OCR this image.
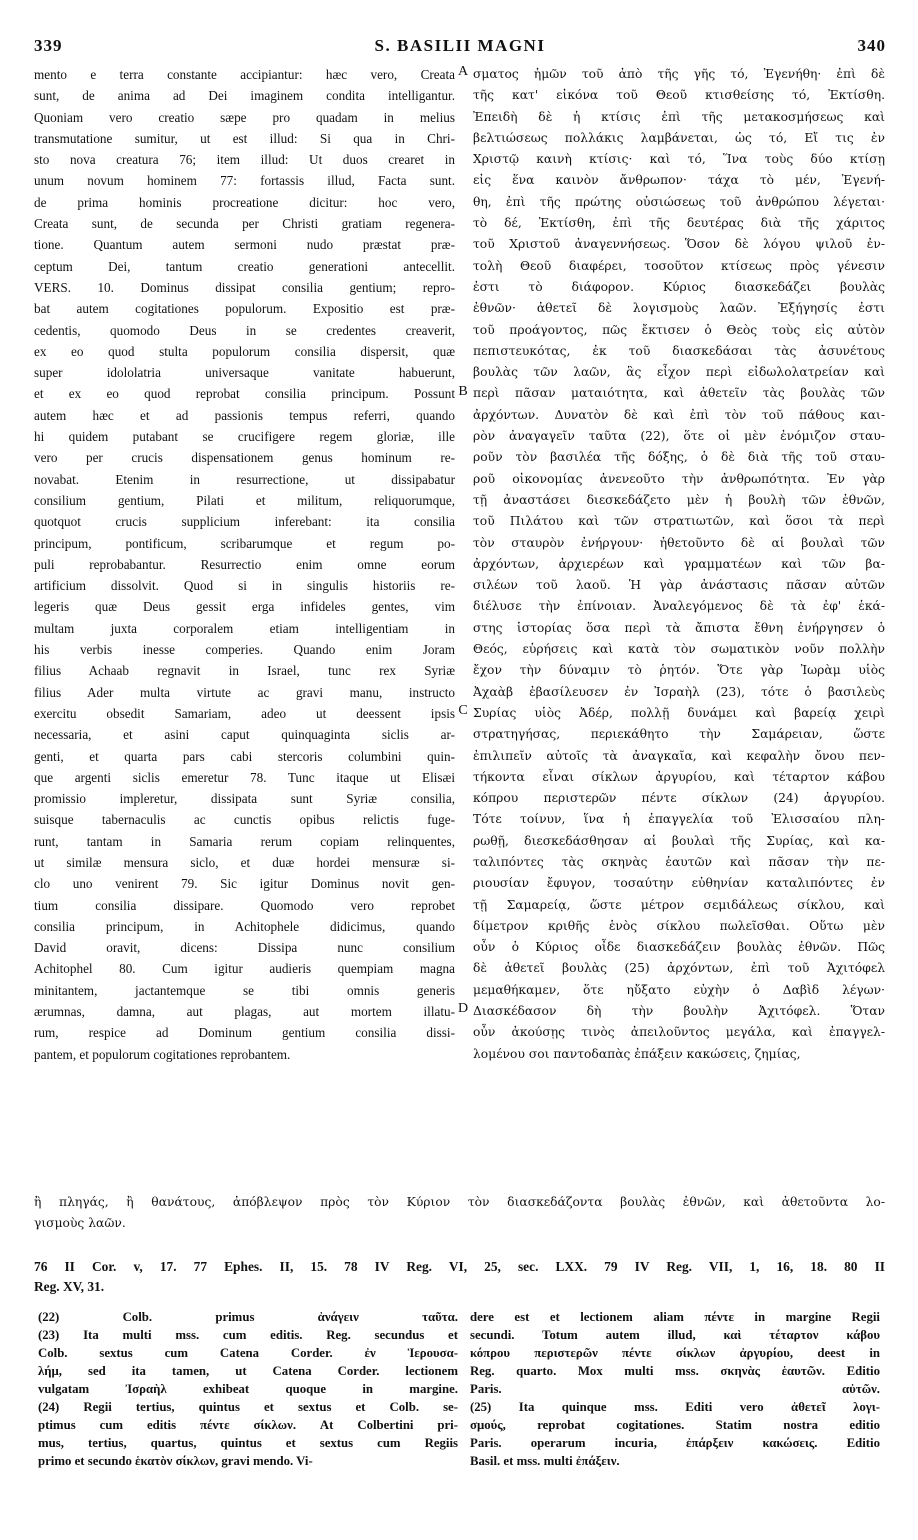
339	S. BASILII MAGNI	340
mento e terra constante accipiantur: hæc vero, Creata
sunt, de anima ad Dei imaginem condita intelligantur.
Quoniam vero creatio sæpe pro quadam in melius
transmutatione sumitur, ut est illud: Si qua in Chri-
sto nova creatura 76; item illud: Ut duos crearet in
unum novum hominem 77: fortassis illud, Facta sunt.
de prima hominis procreatione dicitur: hoc vero,
Creata sunt, de secunda per Christi gratiam regenera-
tione. Quantum autem sermoni nudo præstat præ-
ceptum Dei, tantum creatio generationi antecellit.
VERS. 10. Dominus dissipat consilia gentium; repro-
bat autem cogitationes populorum. Expositio est præ-
cedentis, quomodo Deus in se credentes creaverit,
ex eo quod stulta populorum consilia dispersit, quæ
super idololatria universaque vanitate habuerunt,
et ex eo quod reprobat consilia principum. Possunt
autem hæc et ad passionis tempus referri, quando
hi quidem putabant se crucifigere regem gloriæ, ille
vero per crucis dispensationem genus hominum re-
novabat. Etenim in resurrectione, ut dissipabatur
consilium gentium, Pilati et militum, reliquorumque,
quotquot crucis supplicium inferebant: ita consilia
principum, pontificum, scribarumque et regum po-
puli reprobabantur. Resurrectio enim omne eorum
artificium dissolvit. Quod si in singulis historiis re-
legeris quæ Deus gessit erga infideles gentes, vim
multam juxta corporalem etiam intelligentiam in
his verbis inesse comperies. Quando enim Joram
filius Achaab regnavit in Israel, tunc rex Syriæ
filius Ader multa virtute ac gravi manu, instructo
exercitu obsedit Samariam, adeo ut deessent ipsis
necessaria, et asini caput quinquaginta siclis ar-
genti, et quarta pars cabi stercoris columbini quin-
que argenti siclis emeretur 78. Tunc itaque ut Elisæi
promissio impleretur, dissipata sunt Syriæ consilia,
suisque tabernaculis ac cunctis opibus relictis fuge-
runt, tantam in Samaria rerum copiam relinquentes,
ut similæ mensura siclo, et duæ hordei mensuræ si-
clo uno venirent 79. Sic igitur Dominus novit gen-
tium consilia dissipare. Quomodo vero reprobet
consilia principum, in Achitophele didicimus, quando
David oravit, dicens: Dissipa nunc consilium
Achitophel 80. Cum igitur audieris quempiam magna
minitantem, jactantemque se tibi omnis generis
ærumnas, damna, aut plagas, aut mortem illatu-
rum, respice ad Dominum gentium consilia dissi-
pantem, et populorum cogitationes reprobantem.
A
B
C
D
σματος ἡμῶν τοῦ ἀπὸ τῆς γῆς τό, Ἐγενήθη· ἐπὶ δὲ
τῆς κατ' εἰκόνα τοῦ Θεοῦ κτισθείσης τό, Ἐκτίσθη.
Ἐπειδὴ δὲ ἡ κτίσις ἐπὶ τῆς μετακοσμήσεως καὶ
βελτιώσεως πολλάκις λαμβάνεται, ὡς τό, Εἴ τις ἐν
Χριστῷ καινὴ κτίσις· καὶ τό, Ἵνα τοὺς δύο κτίσῃ
εἰς ἕνα καινὸν ἄνθρωπον· τάχα τὸ μέν, Ἐγενή-
θη, ἐπὶ τῆς πρώτης οὐσιώσεως τοῦ ἀνθρώπου λέγεται·
τὸ δέ, Ἐκτίσθη, ἐπὶ τῆς δευτέρας διὰ τῆς χάριτος
τοῦ Χριστοῦ ἀναγεννήσεως. Ὅσον δὲ λόγου ψιλοῦ ἐν-
τολὴ Θεοῦ διαφέρει, τοσοῦτον κτίσεως πρὸς γένεσιν
ἐστι τὸ διάφορον. Κύριος διασκεδάζει βουλὰς
ἐθνῶν· ἀθετεῖ δὲ λογισμοὺς λαῶν. Ἐξήγησίς ἐστι
τοῦ προάγοντος, πῶς ἔκτισεν ὁ Θεὸς τοὺς εἰς αὐτὸν
πεπιστευκότας, ἐκ τοῦ διασκεδάσαι τὰς ἀσυνέτους
βουλὰς τῶν λαῶν, ἃς εἶχον περὶ εἰδωλολατρείαν καὶ
περὶ πᾶσαν ματαιότητα, καὶ ἀθετεῖν τὰς βουλὰς τῶν
ἀρχόντων. Δυνατὸν δὲ καὶ ἐπὶ τὸν τοῦ πάθους και-
ρὸν ἀναγαγεῖν ταῦτα (22), ὅτε οἱ μὲν ἐνόμιζον σταυ-
ροῦν τὸν βασιλέα τῆς δόξης, ὁ δὲ διὰ τῆς τοῦ σταυ-
ροῦ οἰκονομίας ἀνενεοῦτο τὴν ἀνθρωπότητα. Ἐν γὰρ
τῇ ἀναστάσει διεσκεδάζετο μὲν ἡ βουλὴ τῶν ἐθνῶν,
τοῦ Πιλάτου καὶ τῶν στρατιωτῶν, καὶ ὅσοι τὰ περὶ
τὸν σταυρὸν ἐνήργουν· ἠθετοῦντο δὲ αἱ βουλαὶ τῶν
ἀρχόντων, ἀρχιερέων καὶ γραμματέων καὶ τῶν βα-
σιλέων τοῦ λαοῦ. Ἡ γὰρ ἀνάστασις πᾶσαν αὐτῶν
διέλυσε τὴν ἐπίνοιαν. Ἀναλεγόμενος δὲ τὰ ἐφ' ἑκά-
στης ἱστορίας ὅσα περὶ τὰ ἄπιστα ἔθνη ἐνήργησεν ὁ
Θεός, εὑρήσεις καὶ κατὰ τὸν σωματικὸν νοῦν πολλὴν
ἔχον τὴν δύναμιν τὸ ῥητόν. Ὅτε γὰρ Ἰωρὰμ υἱὸς
Ἀχαὰβ ἐβασίλευσεν ἐν Ἰσραὴλ (23), τότε ὁ βασιλεὺς
Συρίας υἱὸς Ἀδέρ, πολλῇ δυνάμει καὶ βαρείᾳ χειρὶ
στρατηγήσας, περιεκάθητο τὴν Σαμάρειαν, ὥστε
ἐπιλιπεῖν αὐτοῖς τὰ ἀναγκαῖα, καὶ κεφαλὴν ὄνου πεν-
τήκοντα εἶναι σίκλων ἀργυρίου, καὶ τέταρτον κάβου
κόπρου περιστερῶν πέντε σίκλων (24) ἀργυρίου.
Τότε τοίνυν, ἵνα ἡ ἐπαγγελία τοῦ Ἐλισσαίου πλη-
ρωθῇ, διεσκεδάσθησαν αἱ βουλαὶ τῆς Συρίας, καὶ κα-
ταλιπόντες τὰς σκηνὰς ἑαυτῶν καὶ πᾶσαν τὴν πε-
ριουσίαν ἔφυγον, τοσαύτην εὐθηνίαν καταλιπόντες ἐν
τῇ Σαμαρείᾳ, ὥστε μέτρον σεμιδάλεως σίκλου, καὶ
δίμετρον κριθῆς ἑνὸς σίκλου πωλεῖσθαι. Οὕτω μὲν
οὖν ὁ Κύριος οἶδε διασκεδάζειν βουλὰς ἐθνῶν. Πῶς
δὲ ἀθετεῖ βουλὰς (25) ἀρχόντων, ἐπὶ τοῦ Ἀχιτόφελ
μεμαθήκαμεν, ὅτε ηὔξατο εὐχὴν ὁ Δαβὶδ λέγων·
Διασκέδασον δὴ τὴν βουλὴν Ἀχιτόφελ. Ὅταν
οὖν ἀκούσῃς τινὸς ἀπειλοῦντος μεγάλα, καὶ ἐπαγγελ-
λομένου σοι παντοδαπὰς ἐπάξειν κακώσεις, ζημίας,
ἢ πληγάς, ἢ θανάτους, ἀπόβλεψον πρὸς τὸν Κύριον τὸν διασκεδάζοντα βουλὰς ἐθνῶν, καὶ ἀθετοῦντα λο-
γισμοὺς λαῶν.
76 II Cor. v, 17. 77 Ephes. II, 15. 78 IV Reg. VI, 25, sec. LXX. 79 IV Reg. VII, 1, 16, 18. 80 II
Reg. XV, 31.
(22) Colb. primus ἀνάγειν ταῦτα.
(23) Ita multi mss. cum editis. Reg. secundus et
Colb. sextus cum Catena Corder. ἐν Ἱερουσα-
λήμ, sed ita tamen, ut Catena Corder. lectionem
vulgatam Ἰσραὴλ exhibeat quoque in margine.
(24) Regii tertius, quintus et sextus et Colb. se-
ptimus cum editis πέντε σίκλων. At Colbertini pri-
mus, tertius, quartus, quintus et sextus cum Regiis
primo et secundo ἑκατὸν σίκλων, gravi mendo. Vi-
dere est et lectionem aliam πέντε in margine Regii
secundi. Totum autem illud, καὶ τέταρτον κάβου
κόπρου περιστερῶν πέντε σίκλων ἀργυρίου, deest in
Reg. quarto. Mox multi mss. σκηνὰς ἑαυτῶν. Editio
Paris. αὐτῶν.
(25) Ita quinque mss. Editi vero ἀθετεῖ λογι-
σμούς, reprobat cogitationes. Statim nostra editio
Paris. operarum incuria, ἐπάρξειν κακώσεις. Editio
Basil. et mss. multi ἐπάξειν.
